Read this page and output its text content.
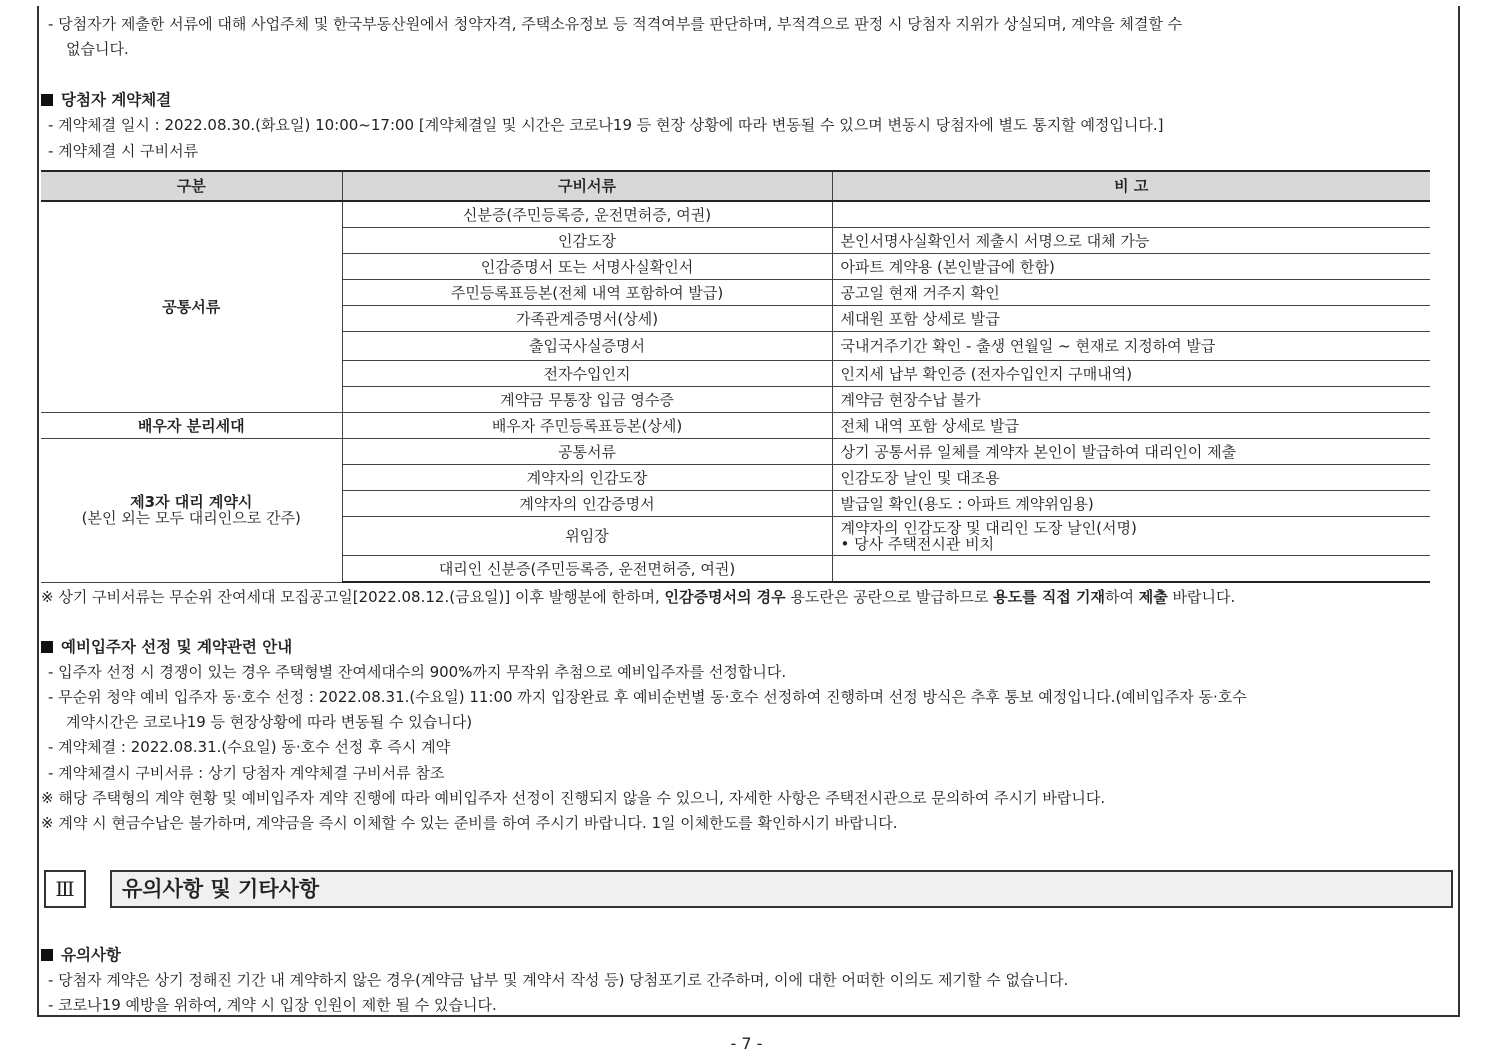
- 당첨자가 제출한 서류에 대해 사업주체 및 한국부동산원에서 청약자격, 주택소유정보 등 적격여부를 판단하며, 부적격으로 판정 시 당첨자 지위가 상실되며, 계약을 체결할 수
없습니다.
당첨자 계약체결
- 계약체결 일시 : 2022.08.30.(화요일) 10:00~17:00 [계약체결일 및 시간은 코로나19 등 현장 상황에 따라 변동될 수 있으며 변동시 당첨자에 별도 통지할 예정입니다.]
- 계약체결 시 구비서류
구분	구비서류	비 고
공통서류	신분증(주민등록증, 운전면허증, 여권)	
	인감도장	본인서명사실확인서 제출시 서명으로 대체 가능
	인감증명서 또는 서명사실확인서	아파트 계약용 (본인발급에 한함)
	주민등록표등본(전체 내역 포함하여 발급)	공고일 현재 거주지 확인
	가족관계증명서(상세)	세대원 포함 상세로 발급
	출입국사실증명서	국내거주기간 확인 - 출생 연월일 ~ 현재로 지정하여 발급
	전자수입인지	인지세 납부 확인증 (전자수입인지 구매내역)
	계약금 무통장 입금 영수증	계약금 현장수납 불가
배우자 분리세대	배우자 주민등록표등본(상세)	전체 내역 포함 상세로 발급

제3자 대리 계약시
(본인 외는 모두 대리인으로 간주)	공통서류	상기 공통서류 일체를 계약자 본인이 발급하여 대리인이 제출
	계약자의 인감도장	인감도장 날인 및 대조용
	계약자의 인감증명서	발급일 확인(용도 : 아파트 계약위임용)
	위임장	계약자의 인감도장 및 대리인 도장 날인(서명)
• 당사 주택전시관 비치

	대리인 신분증(주민등록증, 운전면허증, 여권)	
※ 상기 구비서류는 무순위 잔여세대 모집공고일[2022.08.12.(금요일)] 이후 발행분에 한하며, 인감증명서의 경우 용도란은 공란으로 발급하므로 용도를 직접 기재하여 제출 바랍니다.
예비입주자 선정 및 계약관련 안내
- 입주자 선정 시 경쟁이 있는 경우 주택형별 잔여세대수의 900%까지 무작위 추첨으로 예비입주자를 선정합니다.
- 무순위 청약 예비 입주자 동·호수 선정 : 2022.08.31.(수요일) 11:00 까지 입장완료 후 예비순번별 동·호수 선정하여 진행하며 선정 방식은 추후 통보 예정입니다.(예비입주자 동·호수
계약시간은 코로나19 등 현장상황에 따라 변동될 수 있습니다)
- 계약체결 : 2022.08.31.(수요일) 동·호수 선정 후 즉시 계약
- 계약체결시 구비서류 : 상기 당첨자 계약체결 구비서류 참조
※ 해당 주택형의 계약 현황 및 예비입주자 계약 진행에 따라 예비입주자 선정이 진행되지 않을 수 있으니, 자세한 사항은 주택전시관으로 문의하여 주시기 바랍니다.
※ 계약 시 현금수납은 불가하며, 계약금을 즉시 이체할 수 있는 준비를 하여 주시기 바랍니다. 1일 이체한도를 확인하시기 바랍니다.
Ⅲ	유의사항 및 기타사항
유의사항
- 당첨자 계약은 상기 정해진 기간 내 계약하지 않은 경우(계약금 납부 및 계약서 작성 등) 당첨포기로 간주하며, 이에 대한 어떠한 이의도 제기할 수 없습니다.
- 코로나19 예방을 위하여, 계약 시 입장 인원이 제한 될 수 있습니다.
- 7 -
